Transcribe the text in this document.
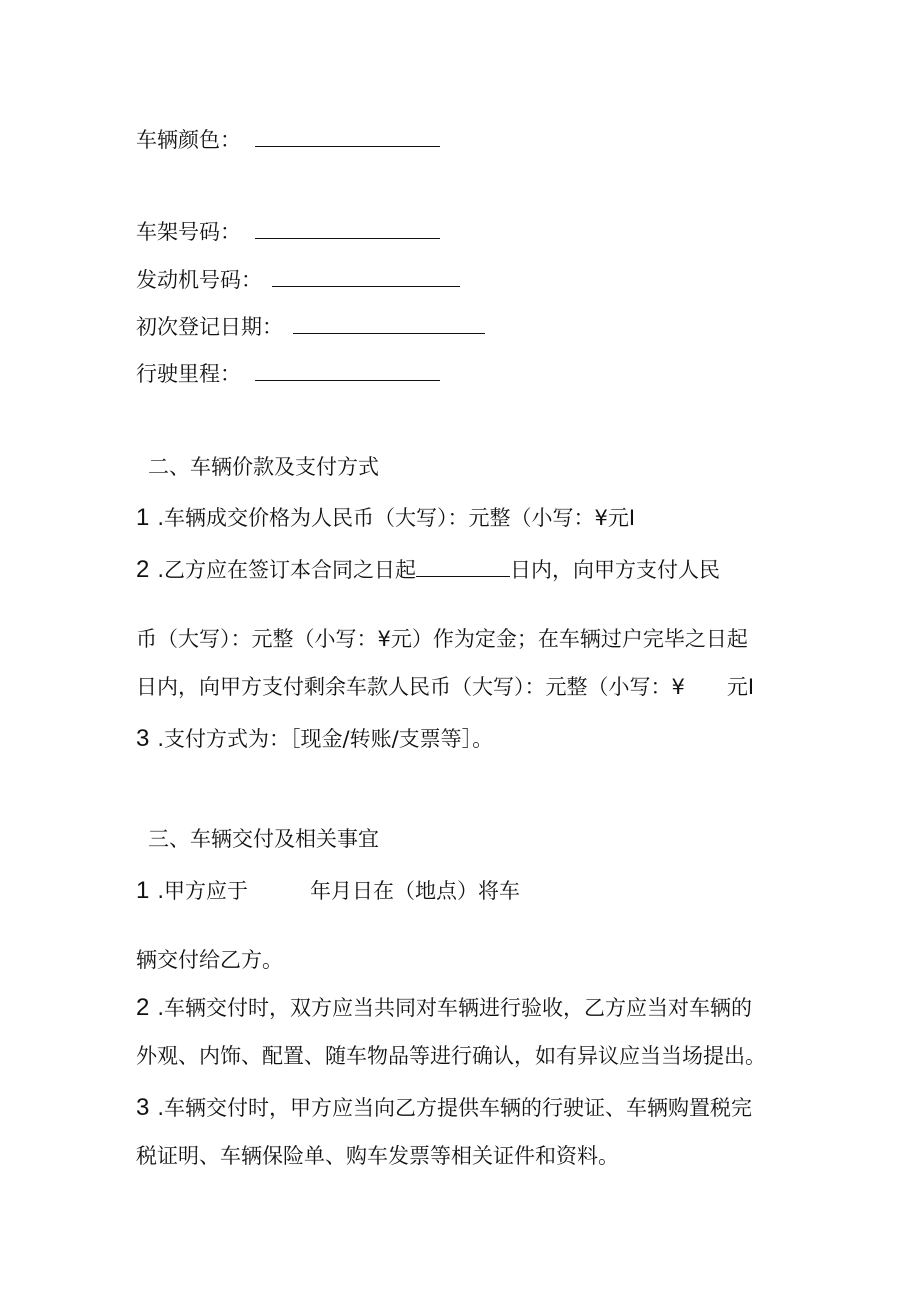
车辆颜色：
车架号码：
发动机号码：
初次登记日期：
行驶里程：
二、车辆价款及支付方式
1 .车辆成交价格为人民币（大写）：元整（小写：¥元I
2 .乙方应在签订本合同之日起	日内，向甲方支付人民
币（大写）：元整（小写：¥元）作为定金；在车辆过户完毕之日起
日内，向甲方支付剩余车款人民币（大写）：元整（小写：¥　　元I
3 .支付方式为：［现金/转账/支票等］。
三、车辆交付及相关事宜
1 .甲方应于	年月日在（地点）将车
辆交付给乙方。
2 .车辆交付时，双方应当共同对车辆进行验收，乙方应当对车辆的
外观、内饰、配置、随车物品等进行确认，如有异议应当当场提出。
3 .车辆交付时，甲方应当向乙方提供车辆的行驶证、车辆购置税完
税证明、车辆保险单、购车发票等相关证件和资料。
